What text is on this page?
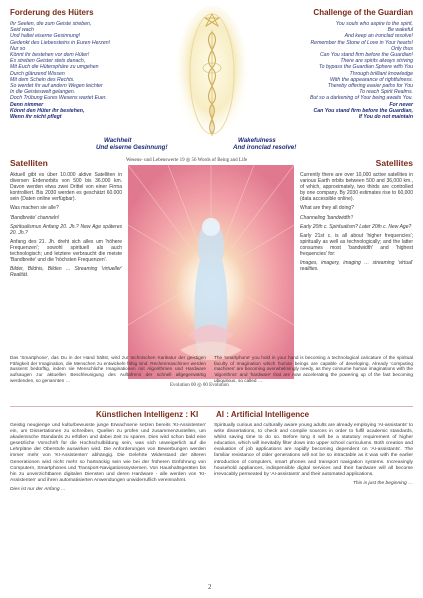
Forderung des Hüters	Challenge of the Guardian
Ihr Seelen, die zum Geiste streben,
Seid wach
Und haltet eiserne Gesinnung!
Gedenkt des Liebessteins in Euren Herzen!
Nur so
Könnt ihr bestehen vor dem Hüter!
Es streben Geister stets danach,
Mit Euch die Hütersphäre zu umgehen
Durch glänzend Wissen
Mit dem Schein des Rechts.
So werdet ihr auf andern Wegen leichter
In die Geisteswelt gelangen.
Doch Trübung Eures Wesens wartet Euer.
Denn nimmer
Könnt den Hüter ihr bestehen,
Wenn ihr nicht pflegt
You souls who aspire to the spirit,
Be wakeful
And keep an ironclad resolve!
Remember the Stone of Love in Your hearts!
Only thus
Can You stand firm before the Guardian!
There are spirits always striving
To bypass the Guardian Sphere with You
Through brilliant knowledge
With the appearance of rightfulness.
Thereby offering easier paths for You
To reach Spirit Realms.
But so a darkening of Your being awaits You.
For never
Can You stand firm before the Guardian,
If You do not maintain
Wachheit
Und eiserne Gesinnung!
Wakefulness
And ironclad resolve!
Wesens- und Lebenswerte 19 ◎ 56 Words of Being and Life
Evolution 00 ◎ 00 Evolution
Satelliten	Satellites

Aktuell gibt es über 10.000 aktive Satelliten in diversen Erdenorbits von 500 bis 36.000 km. Davon werden etwa zwei Drittel von einer Firma kontrolliert. Bis 2030 werden es geschätzt 60.000 sein (Daten online verfügbar).

Was machen sie alle?

'Bandbreite' channeln!

Spiritualismus Anfang 20. Jh.? New Age späteres 20. Jh.?

Anfang des 21. Jh. dreht sich alles um 'höhere Frequenzen'; sowohl spirituell als auch technologisch; und letztere verbraucht die meiste 'Bandbreite' und die 'höchsten Frequenzen'.

Bilder, Bildnis, Bilden … Streaming 'virtueller' Realität.

Currently there are over 10,000 active satellites in various Earth orbits between 500 and 36,000 km., of which, approximately, two thirds are controlled by one company. By 2030 estimates rise to 60,000 (data accessible online).

What are they all doing?

Channeling 'bandwidth'!

Early 20th c. Spiritualism? Later 20th c. New Age?

Early 21st c. is all about 'higher frequencies'; spiritually as well as technologically; and the latter consumes most 'bandwidth' and 'highest frequencies' for:

Images, imagery, imaging … streaming 'virtual' realities.

Das 'Smartphone', das Du in der Hand hältst, wird zur technischen Karikatur der geistigen Fähigkeit der Imagination, die Menschen zu entwickeln fähig sind. Rechenmaschinen werden äusserst bedürftig, indem sie Menschliche Imaginationen mit Algorithmen und Hardware aufsaugen zur aktuellen Beschleunigung des Auftafrens der schnell allgegenwärtig werdenden, so genannten …
The 'smartphone' you hold in your hand is becoming a technological caricature of the spiritual faculty of Imagination which human beings are capable of developing. Already 'computing machines' are becoming overwhelmingly needy, as they consume human imaginations with the 'algorithms' and 'hardware' that are now accelerating the powering up of the fast becoming ubiquitous, so called …
Künstlichen Intelligenz : KI AI : Artificial Intelligence

Geistig neugierige und kulturbewusste junge Erwachsene setzen bereits 'KI-Assistenten' ein, um Dissertationen zu schreiben, Quellen zu prüfen und zusammenzustellen, um akademische Standards zu erfüllen und dabei Zeit zu sparen. Dies wird schon bald eine gesetzliche Vorschrift für die Hochschulbildung sein, was sich unweigerlich auf die Lehrpläne der Oberstufe auswirken wird. Die Anforderungen von Bewerbungen werden immer mehr von 'KI-Assistenten' abhängig. Die Gelehrte Widerstand der älteren Generationen wird nicht mehr so hartnäckig sein wie bei der früheren Einführung von Computern, Smartphones und Transport-Navigationssystemen. Von Haushaltsgeräten bis hin zu unverzichtbaren digitalen Diensten und deren Hardware - alle werden von 'KI-Assistenten' und ihren automatisierten Anwendungen unwiderruflich vereinnahmt.

Dies ist nur der Anfang …

Spiritually curious and culturally aware young adults are already employing 'AI-assistants' to write dissertations, to check and compile sources in order to fulfil academic standards, whilst saving time to do so. Before long it will be a statutory requirement of higher education, which will inevitably filter down into upper school curriculums. Both creation and evaluation of job applications are rapidly becoming dependent on 'AI-assistants'. The familiar resistance of older generations will not be so intractable as it was with the earlier introduction of computers, smart phones and transport navigation systems. Increasingly household appliances, indispensible digital services and their hardware will all become irrevocably permeated by 'AI-assistants' and their automated applications.

This is just the beginning …

2
